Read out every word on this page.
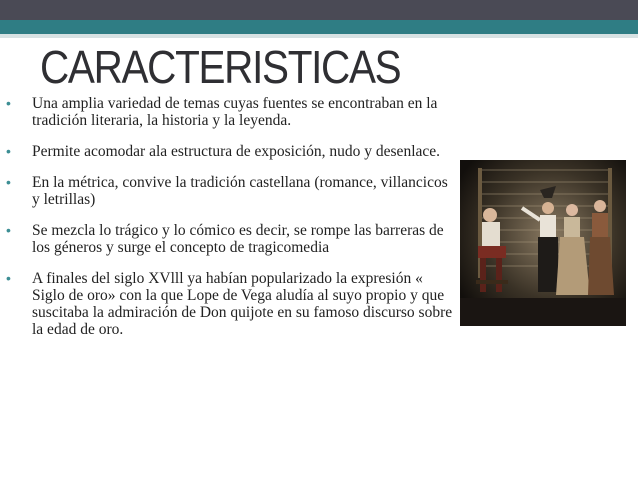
CARACTERISTICAS
• Una amplia variedad de temas cuyas fuentes se encontraban en la tradición literaria, la historia y la leyenda.
• Permite acomodar ala estructura de exposición, nudo y desenlace.
• En la métrica, convive la tradición castellana (romance, villancicos y letrillas)
• Se mezcla lo trágico y lo cómico es decir, se rompe las barreras de los géneros y surge el concepto de tragicomedia
• A finales del siglo XVlll ya habían popularizado la expresión « Siglo de oro» con la que Lope de Vega aludía al suyo propio y que suscitaba la admiración de Don quijote en su famoso discurso sobre la edad de oro.
